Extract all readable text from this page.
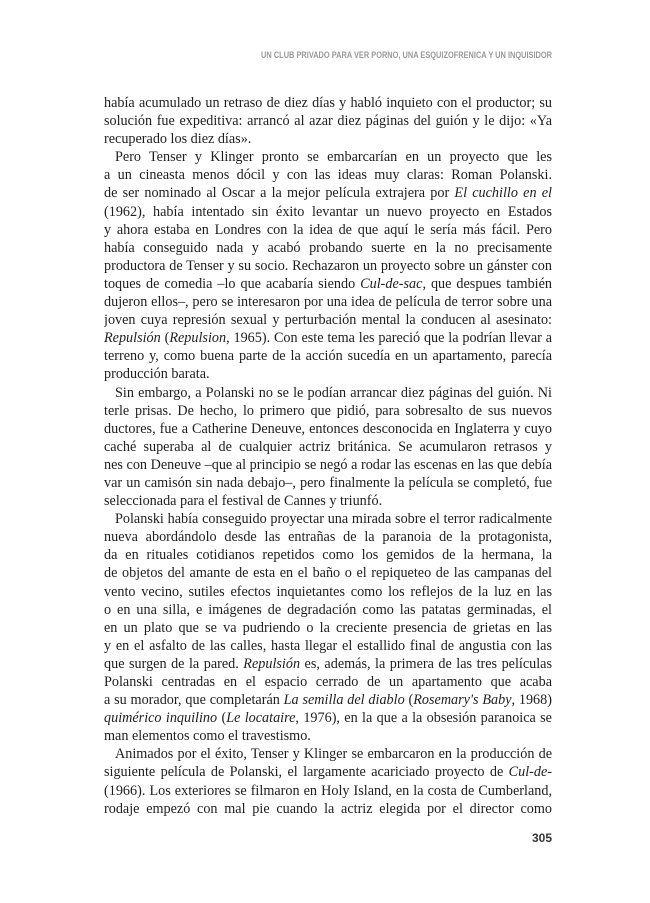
UN CLUB PRIVADO PARA VER PORNO, UNA ESQUIZOFRENICA Y UN INQUISIDOR
había acumulado un retraso de diez días y habló inquieto con el productor; su
solución fue expeditiva: arrancó al azar diez páginas del guión y le dijo: «Ya
recuperado los diez días».
Pero Tenser y Klinger pronto se embarcarían en un proyecto que les
a un cineasta menos dócil y con las ideas muy claras: Roman Polanski.
de ser nominado al Oscar a la mejor película extrajera por El cuchillo en el
(1962), había intentado sin éxito levantar un nuevo proyecto en Estados
y ahora estaba en Londres con la idea de que aquí le sería más fácil. Pero
había conseguido nada y acabó probando suerte en la no precisamente
productora de Tenser y su socio. Rechazaron un proyecto sobre un gánster con
toques de comedia –lo que acabaría siendo Cul-de-sac, que despues también
dujeron ellos–, pero se interesaron por una idea de película de terror sobre una
joven cuya represión sexual y perturbación mental la conducen al asesinato:
Repulsión (Repulsion, 1965). Con este tema les pareció que la podrían llevar a
terreno y, como buena parte de la acción sucedía en un apartamento, parecía
producción barata.
Sin embargo, a Polanski no se le podían arrancar diez páginas del guión. Ni
terle prisas. De hecho, lo primero que pidió, para sobresalto de sus nuevos
ductores, fue a Catherine Deneuve, entonces desconocida en Inglaterra y cuyo
caché superaba al de cualquier actriz británica. Se acumularon retrasos y
nes con Deneuve –que al principio se negó a rodar las escenas en las que debía
var un camisón sin nada debajo–, pero finalmente la película se completó, fue
seleccionada para el festival de Cannes y triunfó.
Polanski había conseguido proyectar una mirada sobre el terror radicalmente
nueva abordándolo desde las entrañas de la paranoia de la protagonista,
da en rituales cotidianos repetidos como los gemidos de la hermana, la
de objetos del amante de esta en el baño o el repiqueteo de las campanas del
vento vecino, sutiles efectos inquietantes como los reflejos de la luz en las
o en una silla, e imágenes de degradación como las patatas germinadas, el
en un plato que se va pudriendo o la creciente presencia de grietas en las
y en el asfalto de las calles, hasta llegar el estallido final de angustia con las
que surgen de la pared. Repulsión es, además, la primera de las tres películas
Polanski centradas en el espacio cerrado de un apartamento que acaba
a su morador, que completarán La semilla del diablo (Rosemary's Baby, 1968)
quimérico inquilino (Le locataire, 1976), en la que a la obsesión paranoica se
man elementos como el travestismo.
Animados por el éxito, Tenser y Klinger se embarcaron en la producción de
siguiente película de Polanski, el largamente acariciado proyecto de Cul-de-
(1966). Los exteriores se filmaron en Holy Island, en la costa de Cumberland,
rodaje empezó con mal pie cuando la actriz elegida por el director como
305
